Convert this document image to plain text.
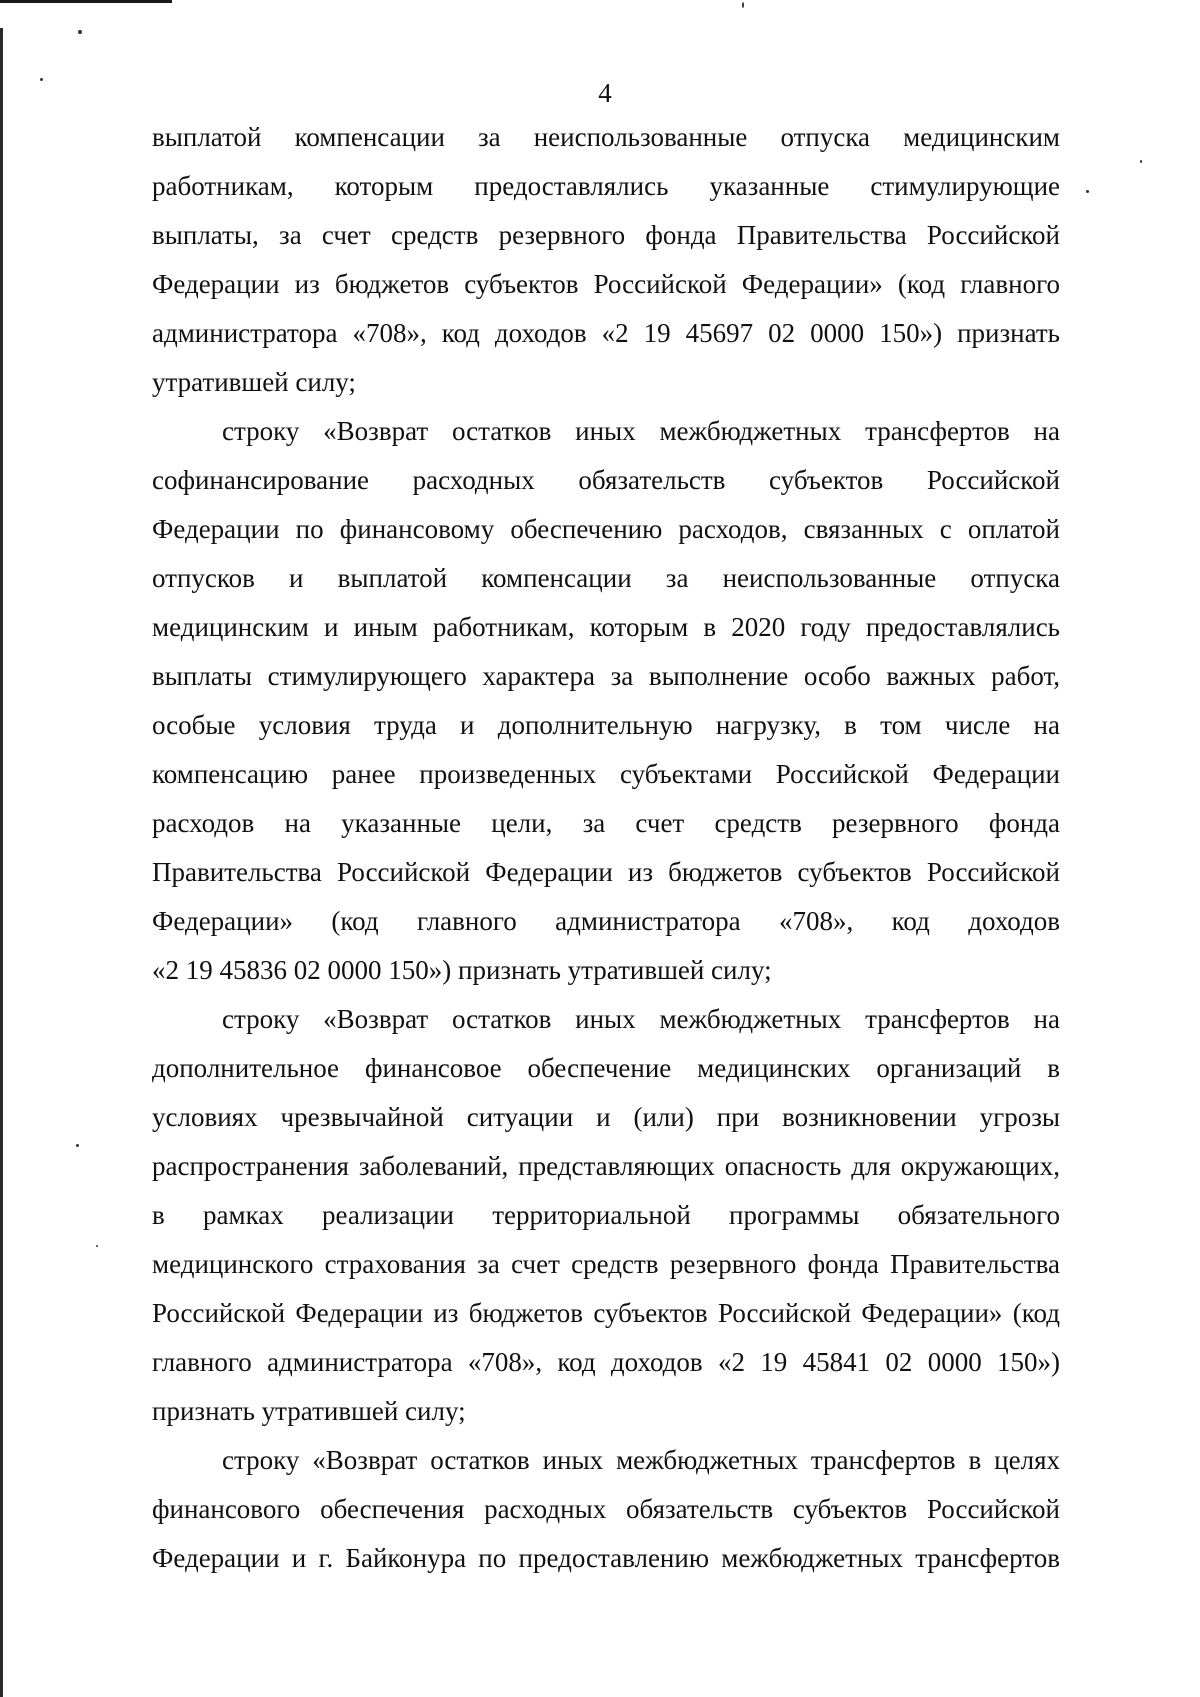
4

выплатой компенсации за неиспользованные отпуска медицинским
работникам, которым предоставлялись указанные стимулирующие
выплаты, за счет средств резервного фонда Правительства Российской
Федерации из бюджетов субъектов Российской Федерации» (код главного
администратора «708», код доходов «2 19 45697 02 0000 150») признать
утратившей силу;

строку «Возврат остатков иных межбюджетных трансфертов на
софинансирование расходных обязательств субъектов Российской
Федерации по финансовому обеспечению расходов, связанных с оплатой
отпусков и выплатой компенсации за неиспользованные отпуска
медицинским и иным работникам, которым в 2020 году предоставлялись
выплаты стимулирующего характера за выполнение особо важных работ,
особые условия труда и дополнительную нагрузку, в том числе на
компенсацию ранее произведенных субъектами Российской Федерации
расходов на указанные цели, за счет средств резервного фонда
Правительства Российской Федерации из бюджетов субъектов Российской
Федерации» (код главного администратора «708», код доходов
«2 19 45836 02 0000 150») признать утратившей силу;

строку «Возврат остатков иных межбюджетных трансфертов на
дополнительное финансовое обеспечение медицинских организаций в
условиях чрезвычайной ситуации и (или) при возникновении угрозы
распространения заболеваний, представляющих опасность для окружающих,
в рамках реализации территориальной программы обязательного
медицинского страхования за счет средств резервного фонда Правительства
Российской Федерации из бюджетов субъектов Российской Федерации» (код
главного администратора «708», код доходов «2 19 45841 02 0000 150»)
признать утратившей силу;

строку «Возврат остатков иных межбюджетных трансфертов в целях
финансового обеспечения расходных обязательств субъектов Российской
Федерации и г. Байконура по предоставлению межбюджетных трансфертов
